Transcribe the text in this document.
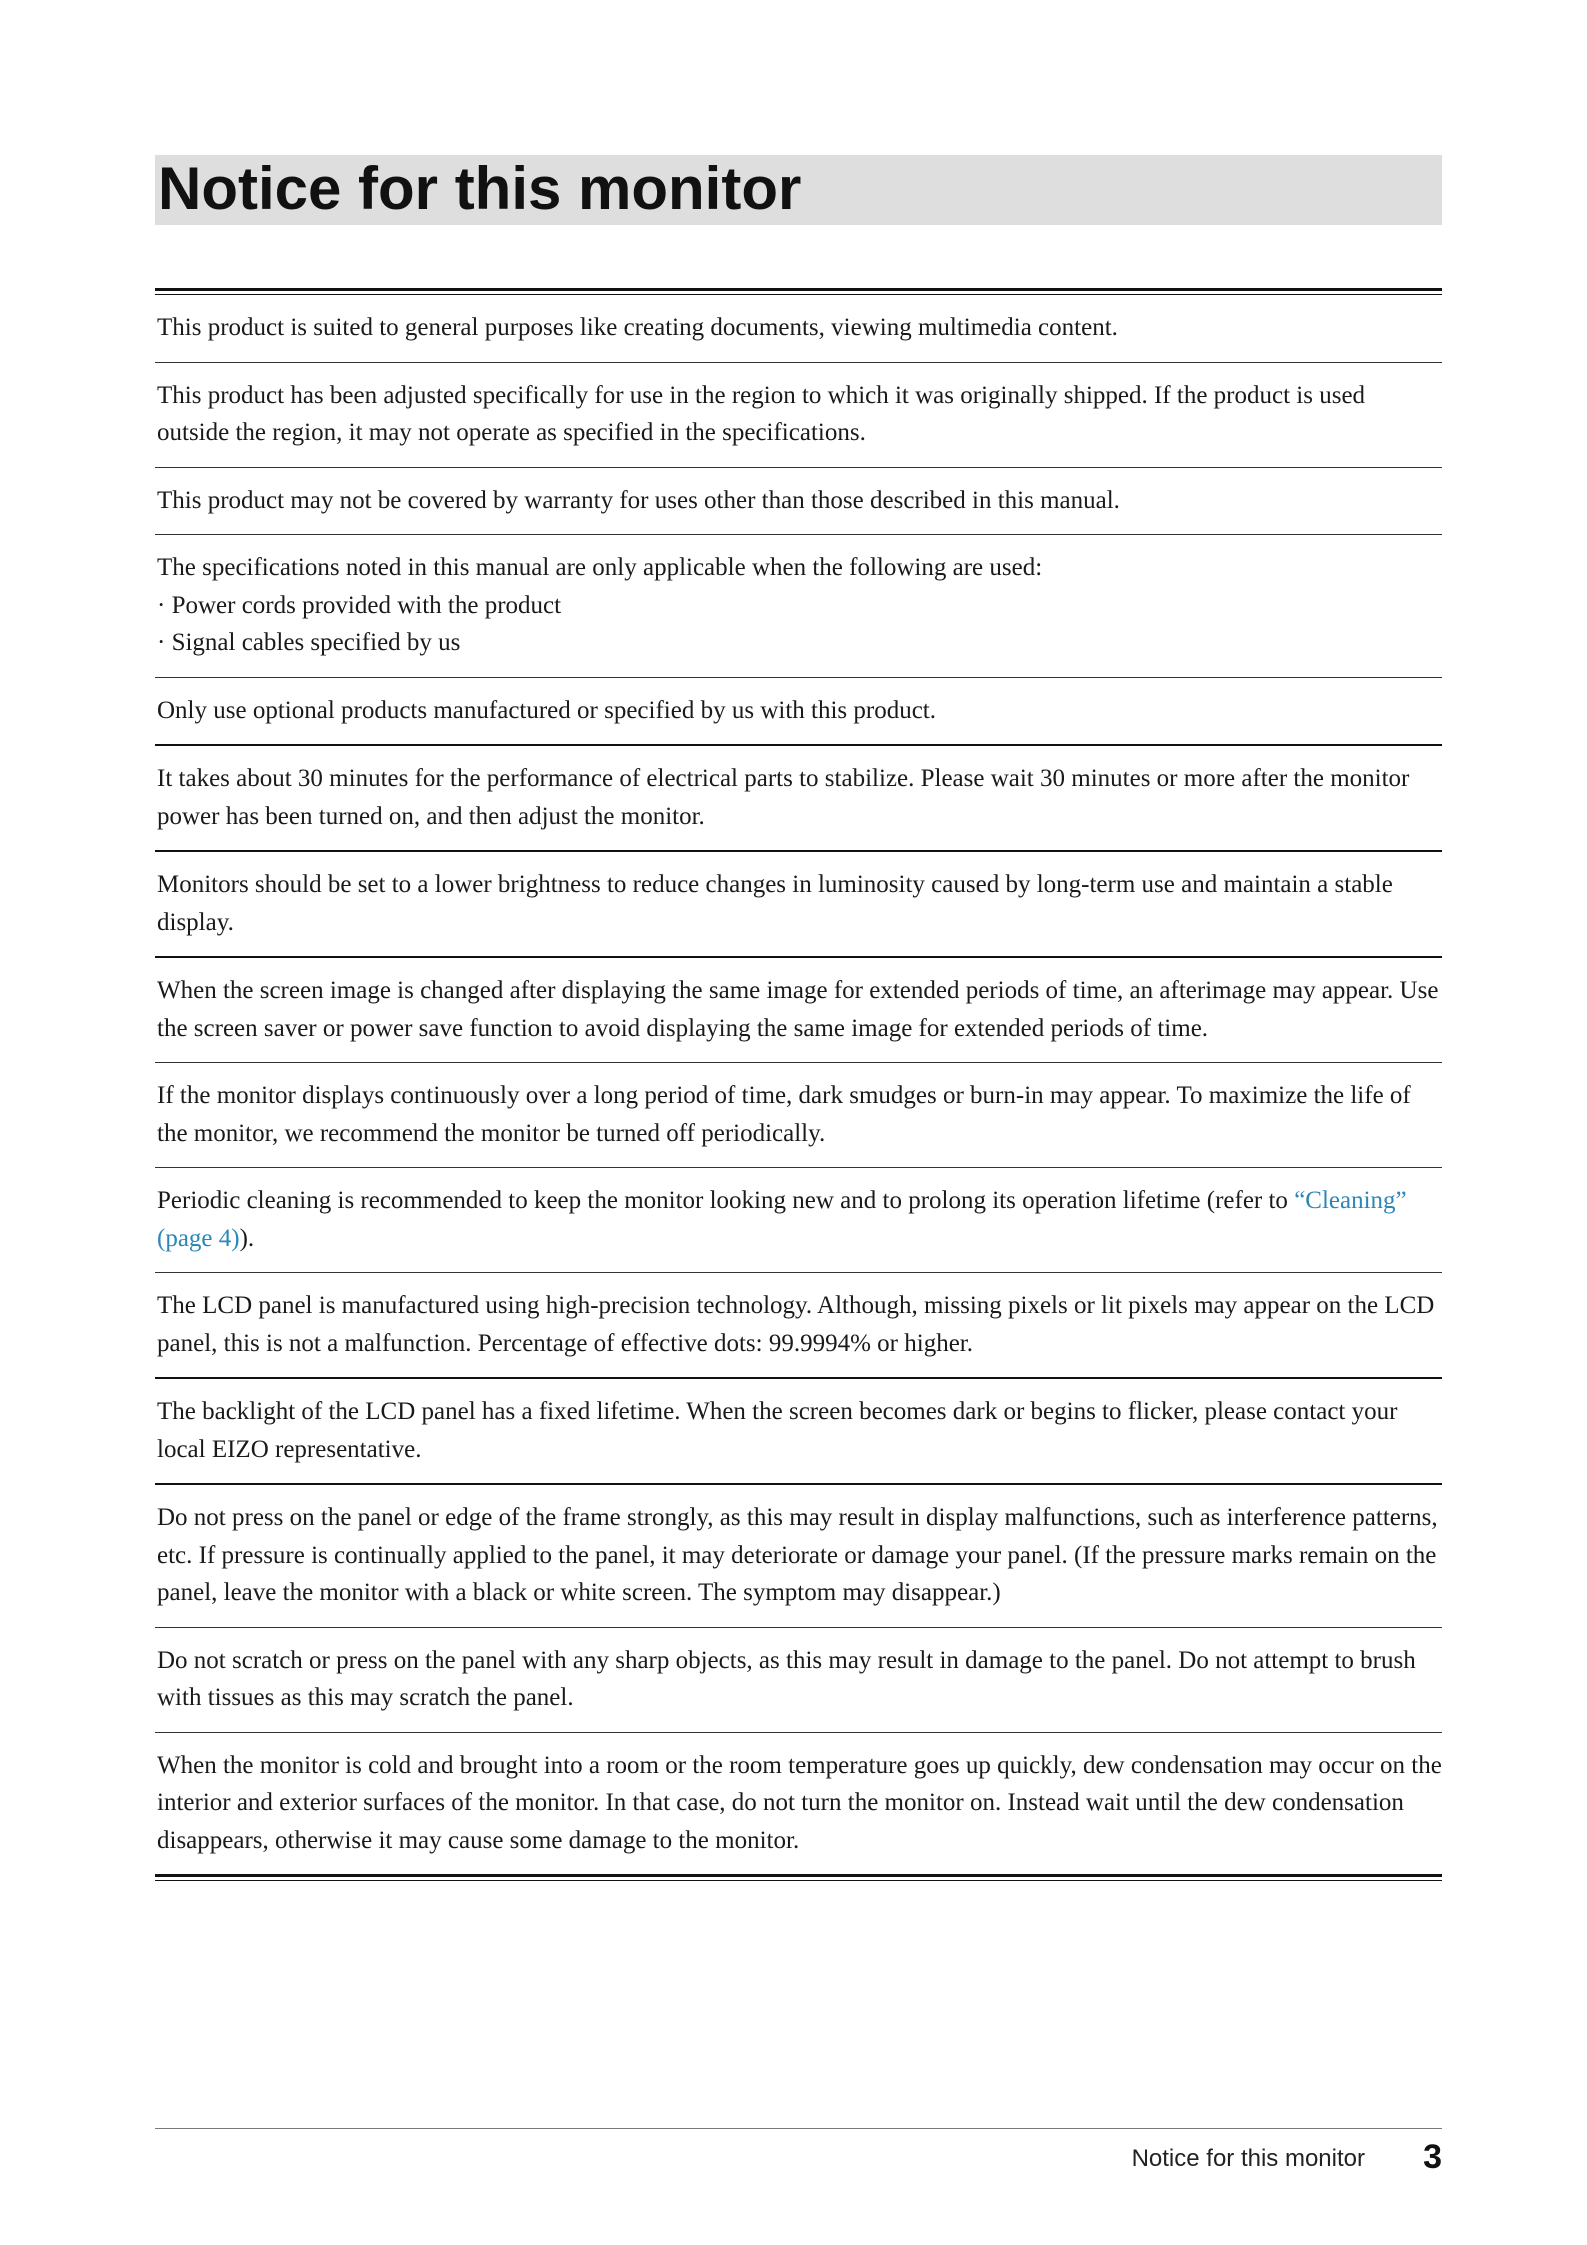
Notice for this monitor
This product is suited to general purposes like creating documents, viewing multimedia content.
This product has been adjusted specifically for use in the region to which it was originally shipped. If the product is used outside the region, it may not operate as specified in the specifications.
This product may not be covered by warranty for uses other than those described in this manual.
The specifications noted in this manual are only applicable when the following are used:
· Power cords provided with the product
· Signal cables specified by us
Only use optional products manufactured or specified by us with this product.
It takes about 30 minutes for the performance of electrical parts to stabilize. Please wait 30 minutes or more after the monitor power has been turned on, and then adjust the monitor.
Monitors should be set to a lower brightness to reduce changes in luminosity caused by long-term use and maintain a stable display.
When the screen image is changed after displaying the same image for extended periods of time, an afterimage may appear. Use the screen saver or power save function to avoid displaying the same image for extended periods of time.
If the monitor displays continuously over a long period of time, dark smudges or burn-in may appear. To maximize the life of the monitor, we recommend the monitor be turned off periodically.
Periodic cleaning is recommended to keep the monitor looking new and to prolong its operation lifetime (refer to “Cleaning” (page 4)).
The LCD panel is manufactured using high-precision technology. Although, missing pixels or lit pixels may appear on the LCD panel, this is not a malfunction. Percentage of effective dots: 99.9994% or higher.
The backlight of the LCD panel has a fixed lifetime. When the screen becomes dark or begins to flicker, please contact your local EIZO representative.
Do not press on the panel or edge of the frame strongly, as this may result in display malfunctions, such as interference patterns, etc. If pressure is continually applied to the panel, it may deteriorate or damage your panel. (If the pressure marks remain on the panel, leave the monitor with a black or white screen. The symptom may disappear.)
Do not scratch or press on the panel with any sharp objects, as this may result in damage to the panel. Do not attempt to brush with tissues as this may scratch the panel.
When the monitor is cold and brought into a room or the room temperature goes up quickly, dew condensation may occur on the interior and exterior surfaces of the monitor. In that case, do not turn the monitor on. Instead wait until the dew condensation disappears, otherwise it may cause some damage to the monitor.
Notice for this monitor 3
